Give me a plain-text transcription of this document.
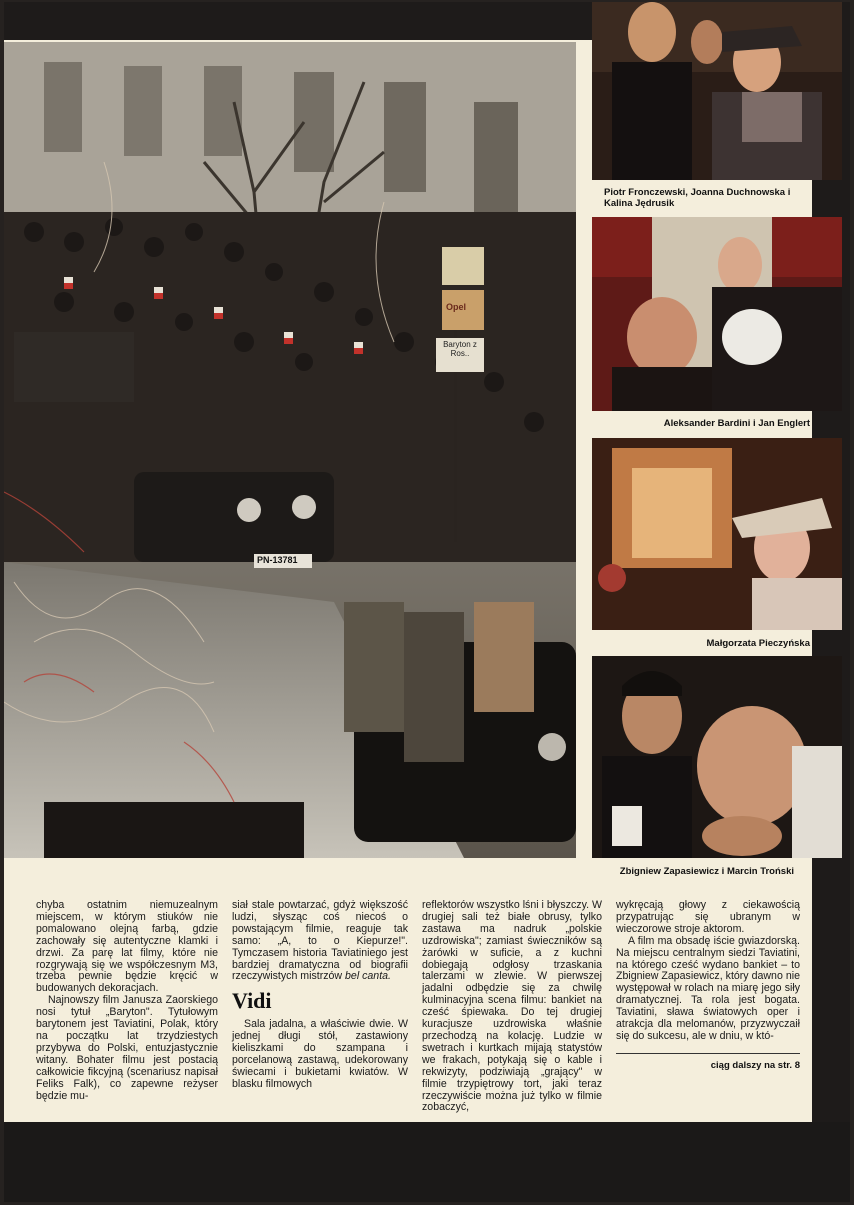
Opel
Baryton z Ros..
PN-13781
Piotr Fronczewski, Joanna Duchnowska i Kalina Jędrusik
Aleksander Bardini i Jan Englert
Małgorzata Pieczyńska
Zbigniew Zapasiewicz i Marcin Troński

chyba ostatnim niemuzealnym miejscem, w którym stiuków nie pomalowano olejną farbą, gdzie zachowały się autentyczne klamki i drzwi. Za parę lat filmy, które nie rozgrywają się we współczesnym M3, trzeba pewnie będzie kręcić w budowanych dekoracjach.

Najnowszy film Janusza Zaorskiego nosi tytuł „Baryton". Tytułowym barytonem jest Taviatini, Polak, który na początku lat trzydziestych przybywa do Polski, entuzjastycznie witany. Bohater filmu jest postacią całkowicie fikcyjną (scenariusz napisał Feliks Falk), co zapewne reżyser będzie mu-

siał stale powtarzać, gdyż większość ludzi, słysząc coś niecoś o powstającym filmie, reaguje tak samo: „A, to o Kiepurze!". Tymczasem historia Taviatiniego jest bardziej dramatyczna od biografii rzeczywistych mistrzów bel canta.

Vidi

Sala jadalna, a właściwie dwie. W jednej długi stół, zastawiony kieliszkami do szampana i porcelanową zastawą, udekorowany świecami i bukietami kwiatów. W blasku filmowych

reflektorów wszystko lśni i błyszczy. W drugiej sali też białe obrusy, tylko zastawa ma nadruk „polskie uzdrowiska"; zamiast świeczników są żarówki w suficie, a z kuchni dobiegają odgłosy trzaskania talerzami w zlewie. W pierwszej jadalni odbędzie się za chwilę kulminacyjna scena filmu: bankiet na cześć śpiewaka. Do tej drugiej kuracjusze uzdrowiska właśnie przechodzą na kolację. Ludzie w swetrach i kurtkach mijają statystów we frakach, potykają się o kable i rekwizyty, podziwiają „grający" w filmie trzypiętrowy tort, jaki teraz rzeczywiście można już tylko w filmie zobaczyć,

wykręcają głowy z ciekawością przypatrując się ubranym w wieczorowe stroje aktorom.

A film ma obsadę iście gwiazdorską. Na miejscu centralnym siedzi Taviatini, na którego cześć wydano bankiet – to Zbigniew Zapasiewicz, który dawno nie występował w rolach na miarę jego siły dramatycznej. Ta rola jest bogata. Taviatini, sława światowych oper i atrakcja dla melomanów, przyzwyczaił się do sukcesu, ale w dniu, w któ-

ciąg dalszy na str. 8
